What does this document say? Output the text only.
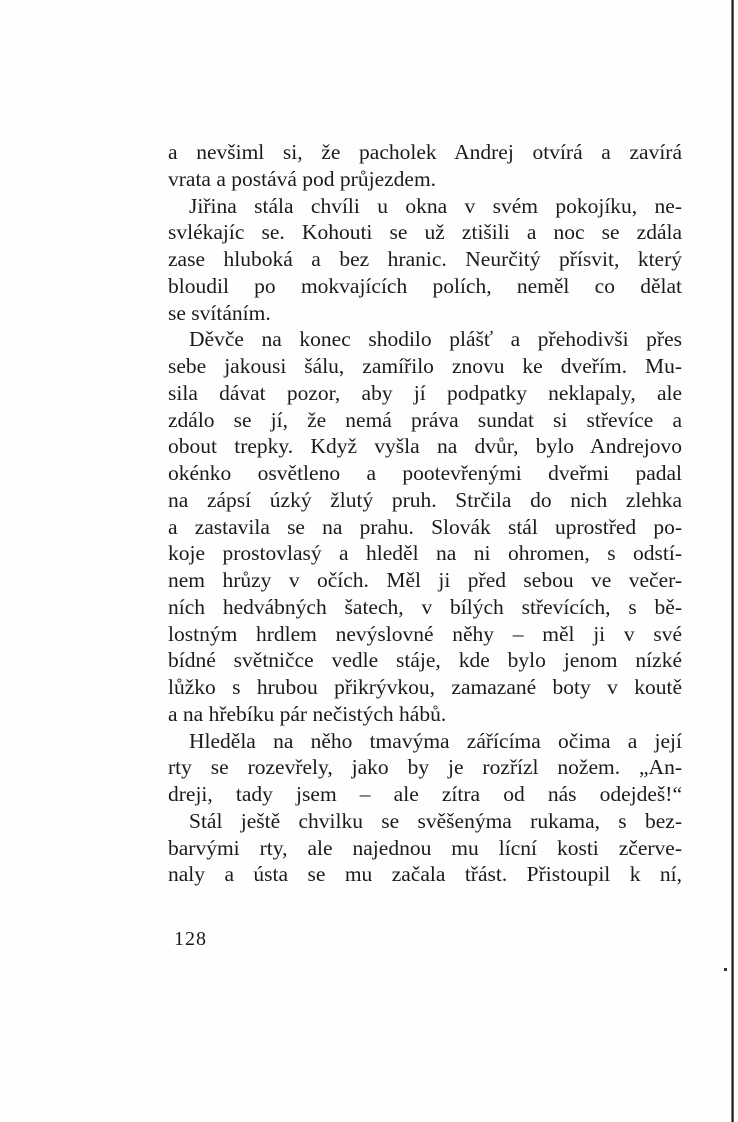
a nevšiml si, že pacholek Andrej otvírá a zavírá
vrata a postává pod průjezdem.
Jiřina stála chvíli u okna v svém pokojíku, ne-
svlékajíc se. Kohouti se už ztišili a noc se zdála
zase hluboká a bez hranic. Neurčitý přísvit, který
bloudil po mokvajících polích, neměl co dělat
se svítáním.
Děvče na konec shodilo plášť a přehodivši přes
sebe jakousi šálu, zamířilo znovu ke dveřím. Mu-
sila dávat pozor, aby jí podpatky neklapaly, ale
zdálo se jí, že nemá práva sundat si střevíce a
obout trepky. Když vyšla na dvůr, bylo Andrejovo
okénko osvětleno a pootevřenými dveřmi padal
na zápsí úzký žlutý pruh. Strčila do nich zlehka
a zastavila se na prahu. Slovák stál uprostřed po-
koje prostovlasý a hleděl na ni ohromen, s odstí-
nem hrůzy v očích. Měl ji před sebou ve večer-
ních hedvábných šatech, v bílých střevících, s bě-
lostným hrdlem nevýslovné něhy – měl ji v své
bídné světničce vedle stáje, kde bylo jenom nízké
lůžko s hrubou přikrývkou, zamazané boty v koutě
a na hřebíku pár nečistých hábů.
Hleděla na něho tmavýma zářícíma očima a její
rty se rozevřely, jako by je rozřízl nožem. „An-
dreji, tady jsem – ale zítra od nás odejdeš!“
Stál ještě chvilku se svěšenýma rukama, s bez-
barvými rty, ale najednou mu lícní kosti zčerve-
naly a ústa se mu začala třást. Přistoupil k ní,
128
